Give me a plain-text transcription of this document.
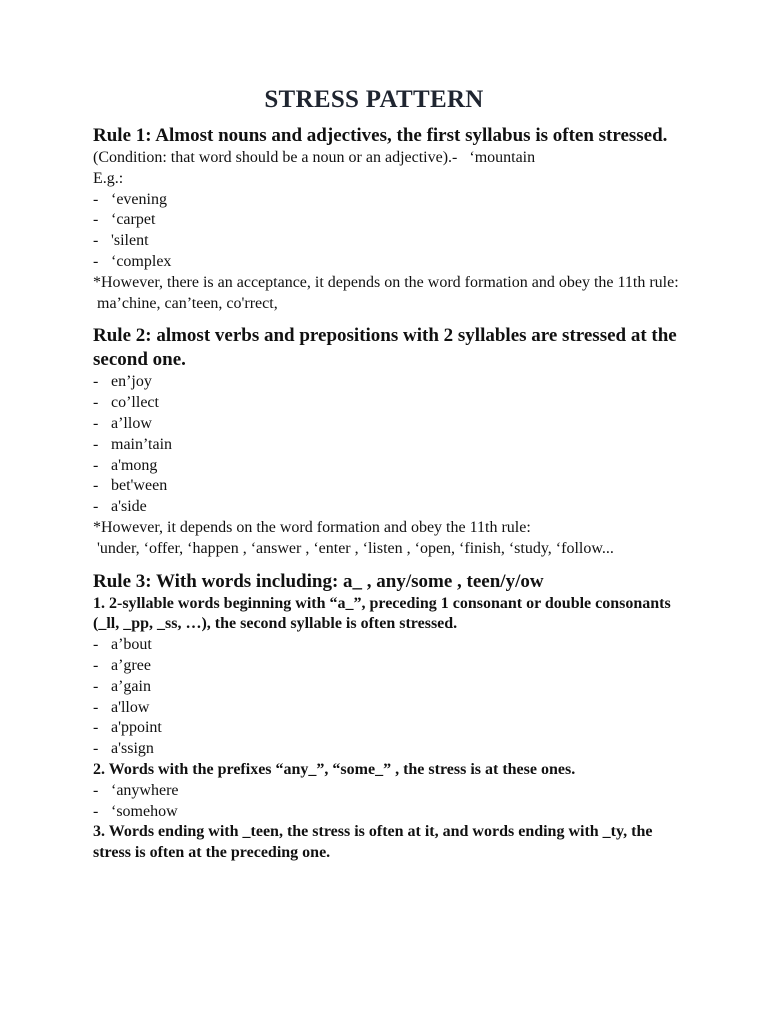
STRESS PATTERN

Rule 1: Almost nouns and adjectives, the first syllabus is often stressed.

(Condition: that word should be a noun or an adjective).-   ‘mountain

E.g.:

- ‘evening
- ‘carpet
- 'silent
- ‘complex

*However, there is an acceptance, it depends on the word formation and obey the 11th rule:

ma’chine, can’teen, co'rrect,

Rule 2: almost verbs and prepositions with 2 syllables are stressed at the second one.

- en’joy
- co’llect
- a’llow
- main’tain
- a'mong
- bet'ween
- a'side

*However, it depends on the word formation and obey the 11th rule:

'under, ‘offer, ‘happen , ‘answer , ‘enter , ‘listen , ‘open, ‘finish, ‘study, ‘follow...

Rule 3: With words including: a_ , any/some , teen/y/ow

1. 2-syllable words beginning with “a_”, preceding 1 consonant or double consonants (_ll, _pp, _ss, …), the second syllable is often stressed.

- a’bout
- a’gree
- a’gain
- a'llow
- a'ppoint
- a'ssign

2. Words with the prefixes “any_”, “some_” , the stress is at these ones.

- ‘anywhere
- ‘somehow

3. Words ending with _teen, the stress is often at it, and words ending with _ty, the stress is often at the preceding one.
